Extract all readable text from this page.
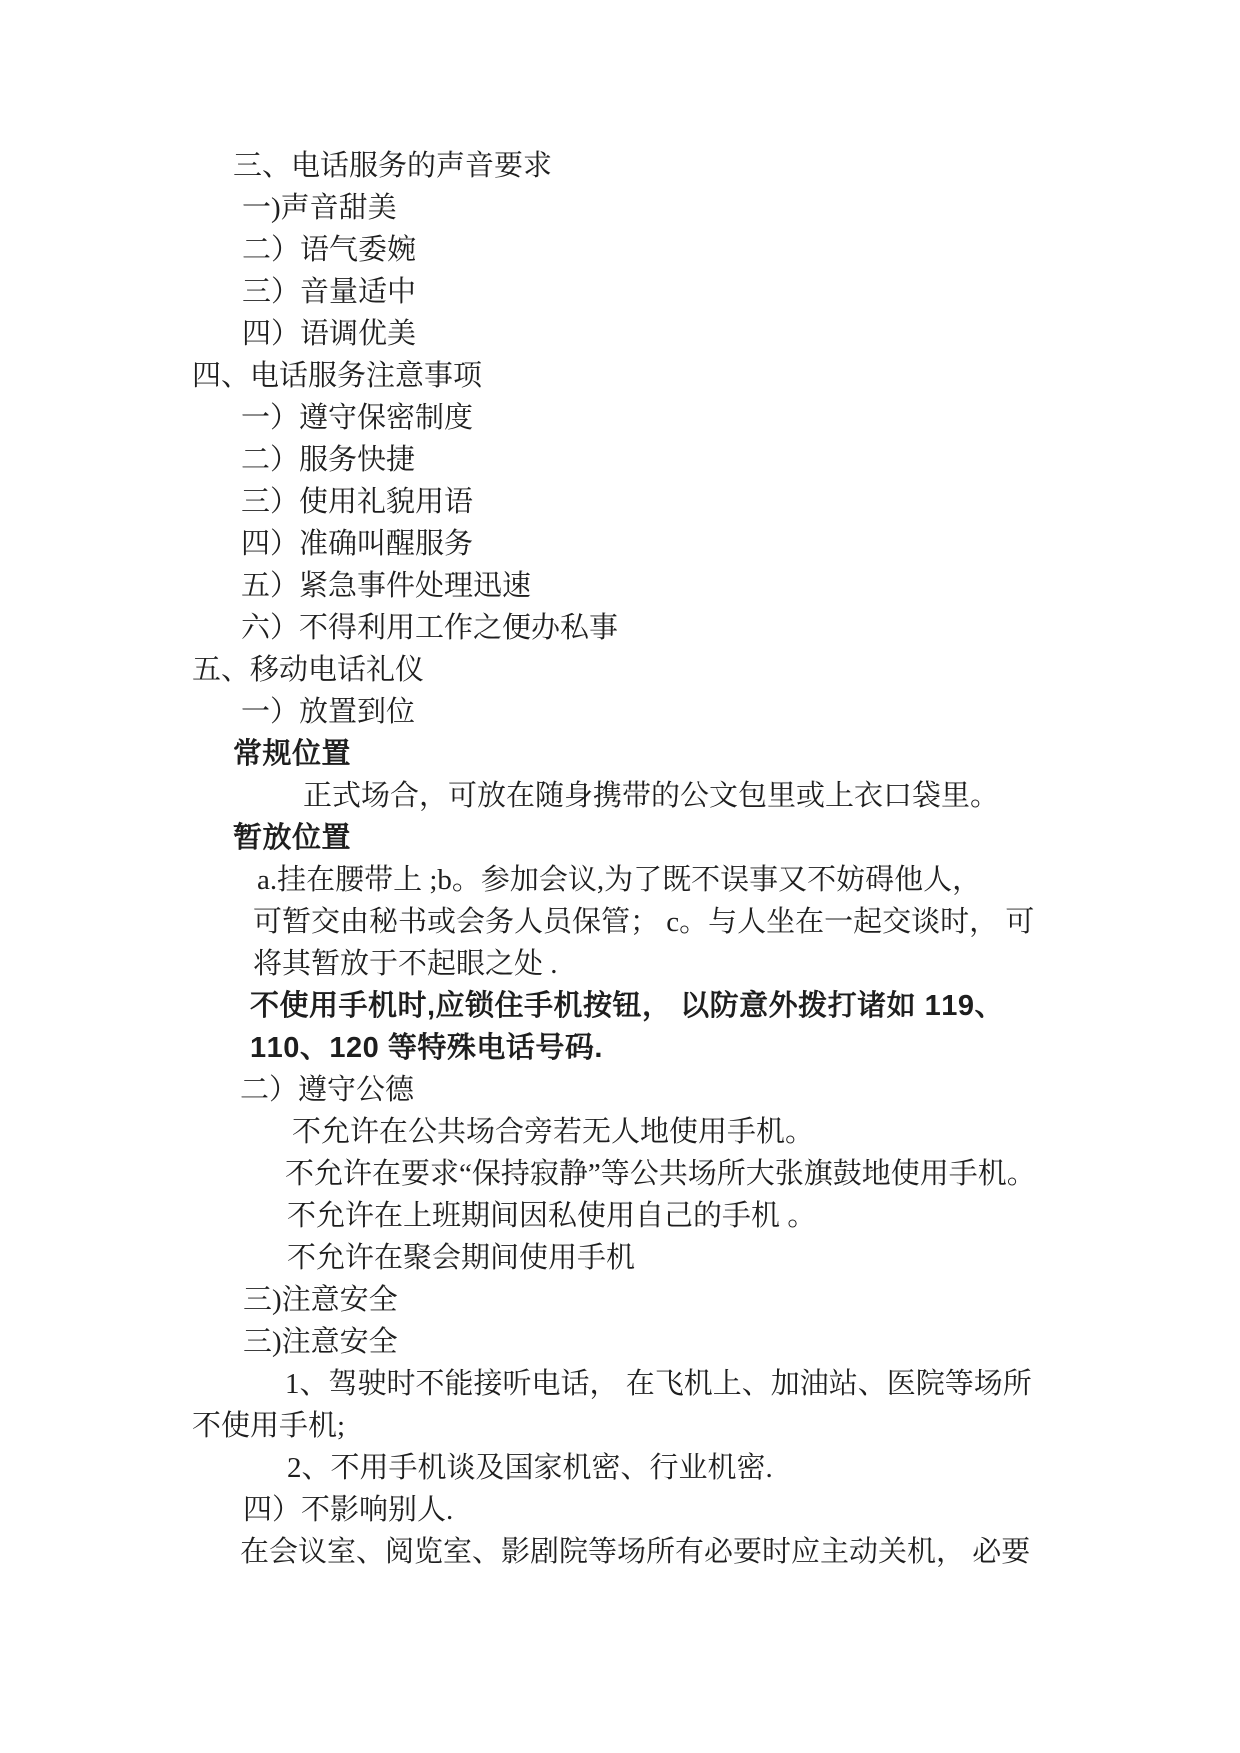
三、电话服务的声音要求
一)声音甜美
二）语气委婉
三）音量适中
四）语调优美
四、电话服务注意事项
一）遵守保密制度
二）服务快捷
三）使用礼貌用语
四）准确叫醒服务
五）紧急事件处理迅速
六）不得利用工作之便办私事
五、移动电话礼仪
一）放置到位
常规位置
正式场合，可放在随身携带的公文包里或上衣口袋里。
暂放位置
a.挂在腰带上 ;b。参加会议,为了既不误事又不妨碍他人，
可暂交由秘书或会务人员保管； c。与人坐在一起交谈时， 可
将其暂放于不起眼之处 .
不使用手机时,应锁住手机按钮， 以防意外拨打诸如 119、
110、120 等特殊电话号码.
二）遵守公德
不允许在公共场合旁若无人地使用手机。
不允许在要求“保持寂静”等公共场所大张旗鼓地使用手机。
不允许在上班期间因私使用自己的手机 。
不允许在聚会期间使用手机
三)注意安全
三)注意安全
1、驾驶时不能接听电话， 在飞机上、加油站、医院等场所
不使用手机;
2、不用手机谈及国家机密、行业机密.
四）不影响别人.
在会议室、阅览室、影剧院等场所有必要时应主动关机， 必要
